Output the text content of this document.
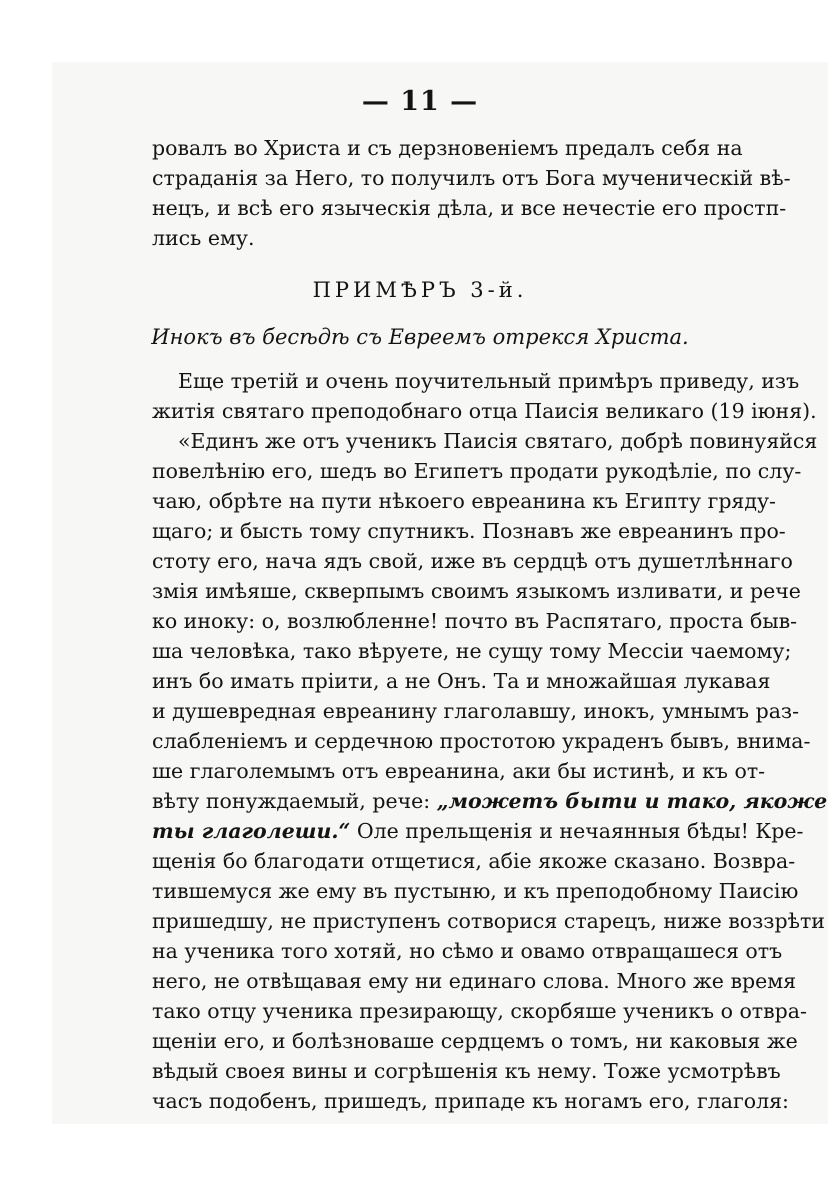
— 11 —
ровалъ во Христа и съ дерзновеніемъ предалъ себя на
страданія за Него, то получилъ отъ Бога мученическій вѣ-
нецъ, и всѣ его языческія дѣла, и все нечестіе его простп-
лись ему.
ПРИМѢРЪ 3-й.
Инокъ въ бесѣдѣ съ Евреемъ отрекся Христа.
Еще третій и очень поучительный примѣръ приведу, изъ
житія святаго преподобнаго отца Паисія великаго (19 іюня).
«Единъ же отъ ученикъ Паисія святаго, добрѣ повинуяйся
повелѣнію его, шедъ во Египетъ продати рукодѣліе, по слу-
чаю, обрѣте на пути нѣкоего евреанина къ Египту гряду-
щаго; и бысть тому спутникъ. Познавъ же евреанинъ про-
стоту его, нача ядъ свой, иже въ сердцѣ отъ душетлѣннаго
змія имѣяше, скверпымъ своимъ языкомъ изливати, и рече
ко иноку: о, возлюбленне! почто въ Распятаго, проста быв-
ша человѣка, тако вѣруете, не сущу тому Мессіи чаемому;
инъ бо имать пріити, а не Онъ. Та и множайшая лукавая
и душевредная евреанину глаголавшу, инокъ, умнымъ раз-
слабленіемъ и сердечною простотою украденъ бывъ, внима-
ше глаголемымъ отъ евреанина, аки бы истинѣ, и къ от-
вѣту понуждаемый, рече: „можетъ быти и тако, якоже
ты глаголеши.“ Оле прельщенія и нечаянныя бѣды! Кре-
щенія бо благодати отщетися, абіе якоже сказано. Возвра-
тившемуся же ему въ пустыню, и къ преподобному Паисію
пришедшу, не приступенъ сотворися старецъ, ниже воззрѣти
на ученика того хотяй, но сѣмо и овамо отвращашеся отъ
него, не отвѣщавая ему ни единаго слова. Много же время
тако отцу ученика презирающу, скорбяше ученикъ о отвра-
щеніи его, и болѣзноваше сердцемъ о томъ, ни каковыя же
вѣдый своея вины и согрѣшенія къ нему. Тоже усмотрѣвъ
часъ подобенъ, пришедъ, припаде къ ногамъ его, глаголя:
